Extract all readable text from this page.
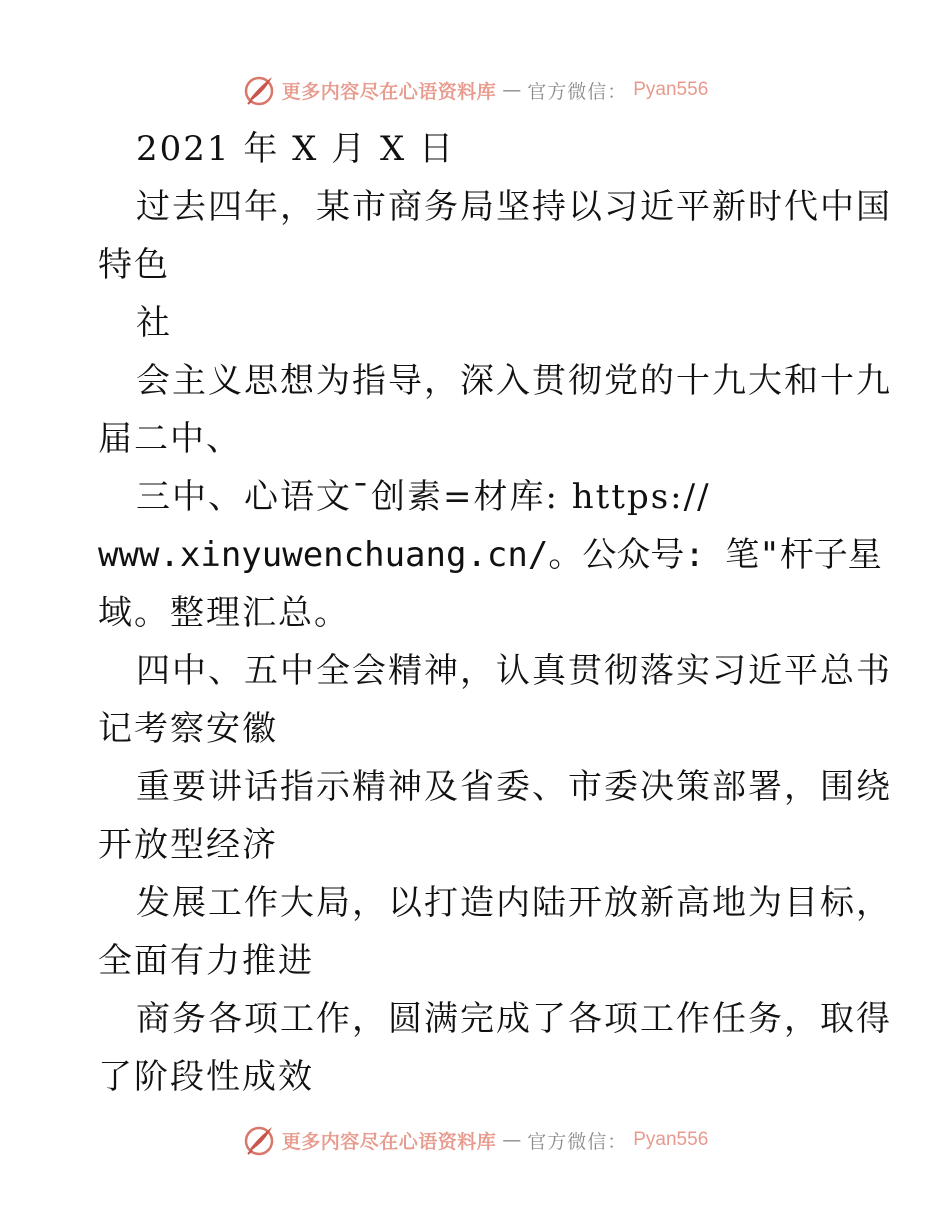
更多内容尽在心语资料库 — 官方微信： Pyan556
2021 年 X 月 X 日
过去四年，某市商务局坚持以习近平新时代中国
特色
社
会主义思想为指导，深入贯彻党的十九大和十九
届二中、
三中、心语文¯创素=材库: https://
www.xinyuwenchuang.cn/。公众号: 笔"杆子星
域。整理汇总。
四中、五中全会精神，认真贯彻落实习近平总书
记考察安徽
重要讲话指示精神及省委、市委决策部署，围绕
开放型经济
发展工作大局，以打造内陆开放新高地为目标，
全面有力推进
商务各项工作，圆满完成了各项工作任务，取得
了阶段性成效
更多内容尽在心语资料库 — 官方微信： Pyan556
